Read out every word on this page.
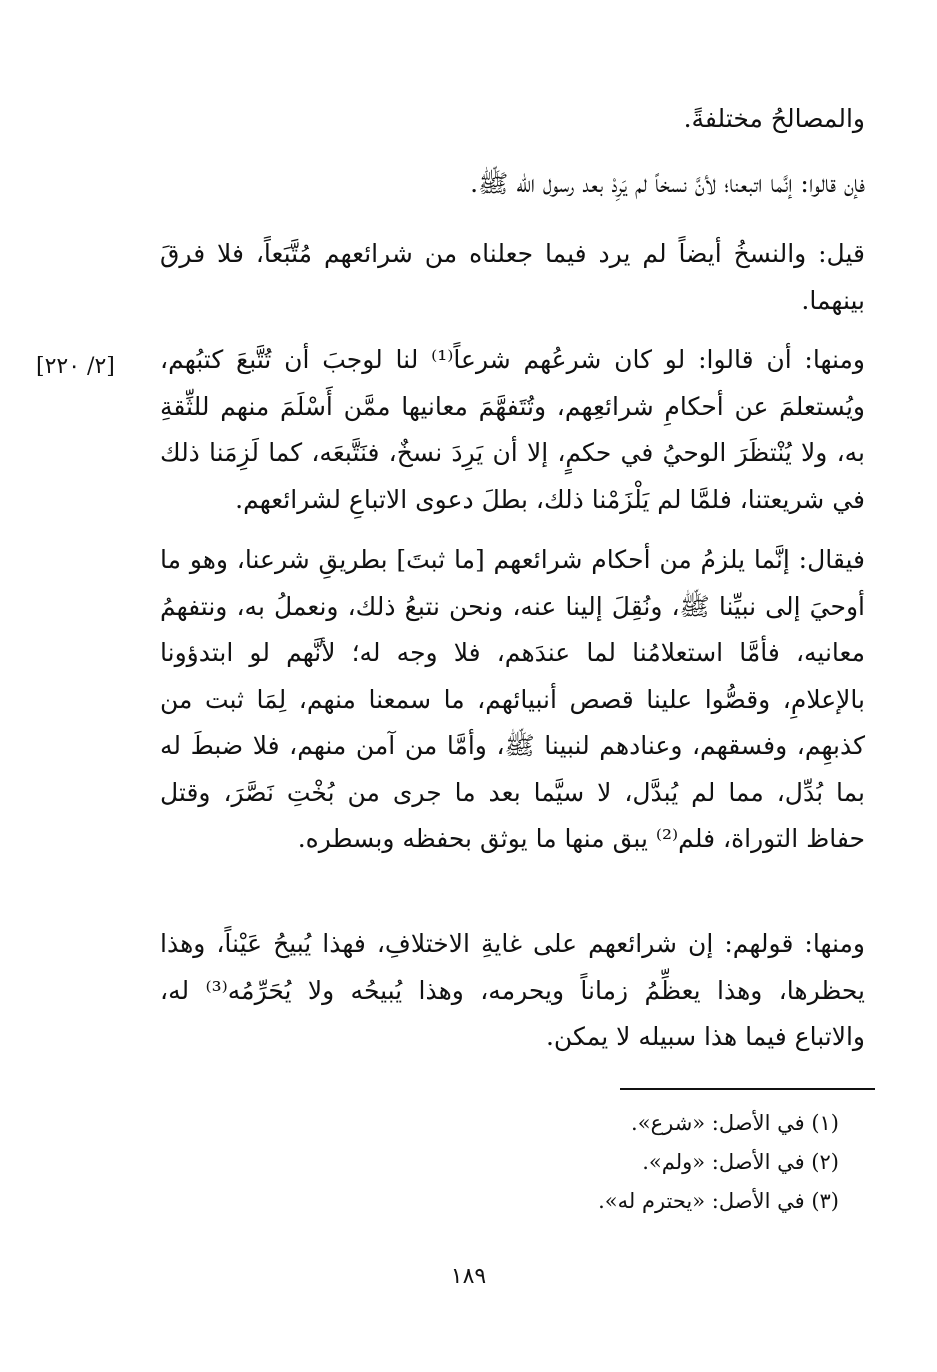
والمصالحُ مختلفةً.

فإن قالوا: إنَّما اتبعنا؛ لأنَّ نسخاً لم يَرِدْ بعد رسول الله ﷺ.

قيل: والنسخُ أيضاً لم يرد فيما جعلناه من شرائعهم مُتَّبَعاً، فلا فرقَ بينهما.

ومنها: أن قالوا: لو كان شرعُهم شرعاً⁽¹⁾ لنا لوجبَ أن تُتَّبعَ كتبُهم، ويُستعلمَ عن أحكامِ شرائعِهم، وتُتَفهَّمَ معانيها ممَّن أَسْلَمَ منهم للثِّقةِ به، ولا يُنْتظَرَ الوحيُ في حكمٍ، إلا أن يَرِدَ نسخٌ، فنَتَّبعَه، كما لَزِمَنا ذلك في شريعتنا، فلمَّا لم يَلْزَمْنا ذلك، بطلَ دعوى الاتباعِ لشرائعهم.

فيقال: إنَّما يلزمُ من أحكام شرائعهم [ما ثبتَ] بطريقِ شرعنا، وهو ما أوحيَ إلى نبيِّنا ﷺ، ونُقِلَ إلينا عنه، ونحن نتبعُ ذلك، ونعملُ به، ونتفهمُ معانيه، فأمَّا استعلامُنا لما عندَهم، فلا وجه له؛ لأنَّهم لو ابتدؤونا بالإعلامِ، وقصُّوا علينا قصص أنبيائهم، ما سمعنا منهم، لِمَا ثبت من كذبهِم، وفسقهم، وعنادهم لنبينا ﷺ، وأمَّا من آمن منهم، فلا ضبطَ له بما بُدِّل، مما لم يُبدَّل، لا سيَّما بعد ما جرى من بُخْتِ نَصَّرَ، وقتل حفاظ التوراة، فلم⁽²⁾ يبق منها ما يوثق بحفظه وبسطره.

ومنها: قولهم: إن شرائعهم على غايةِ الاختلافِ، فهذا يُبيحُ عَيْناً، وهذا يحظرها، وهذا يعظِّمُ زماناً ويحرمه، وهذا يُبيحُه ولا يُحَرِّمُه⁽³⁾ له، والاتباع فيما هذا سبيله لا يمكن.

[٢/ ٢٢٠]
(١) في الأصل: «شرع».
(٢) في الأصل: «ولم».
(٣) في الأصل: «يحترم له».
١٨٩
